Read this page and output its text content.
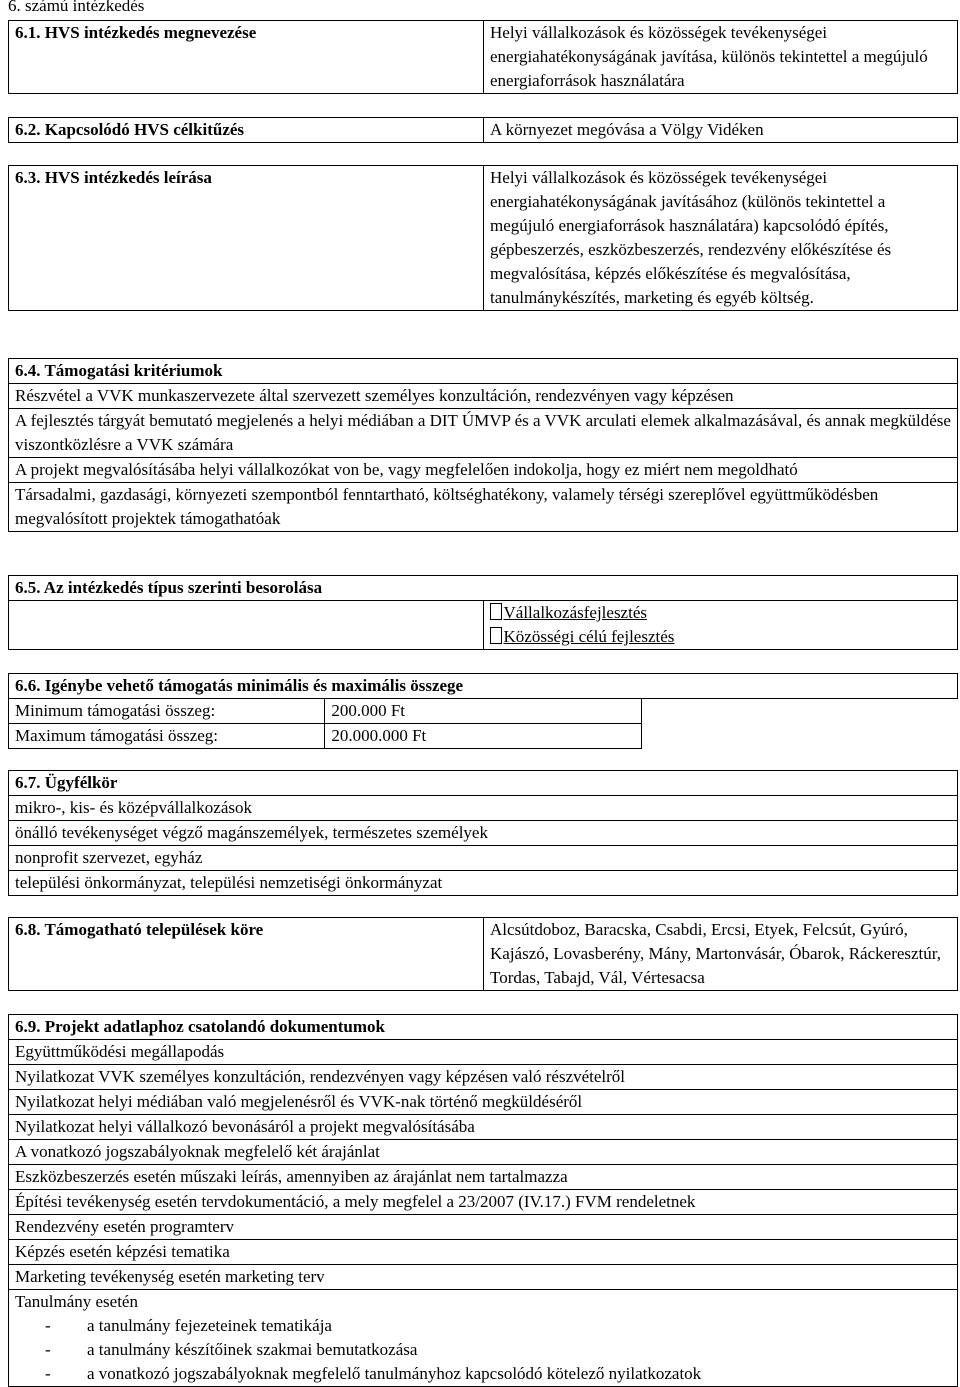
6. számú intézkedés
6.1. HVS intézkedés megnevezése	Helyi vállalkozások és közösségek tevékenységei energiahatékonyságának javítása, különös tekintettel a megújuló energiaforrások használatára
6.2. Kapcsolódó HVS célkitűzés	A környezet megóvása a Völgy Vidéken
6.3. HVS intézkedés leírása	Helyi vállalkozások és közösségek tevékenységei energiahatékonyságának javításához (különös tekintettel a megújuló energiaforrások használatára) kapcsolódó építés, gépbeszerzés, eszközbeszerzés, rendezvény előkészítése és megvalósítása, képzés előkészítése és megvalósítása, tanulmánykészítés, marketing és egyéb költség.
6.4. Támogatási kritériumok
Részvétel a VVK munkaszervezete által szervezett személyes konzultáción, rendezvényen vagy képzésen
A fejlesztés tárgyát bemutató megjelenés a helyi médiában a DIT ÚMVP és a VVK arculati elemek alkalmazásával, és annak megküldése viszontközlésre a VVK számára
A projekt megvalósításába helyi vállalkozókat von be, vagy megfelelően indokolja, hogy ez miért nem megoldható
Társadalmi, gazdasági, környezeti szempontból fenntartható, költséghatékony, valamely térségi szereplővel együttműködésben megvalósított projektek támogathatóak
6.5. Az intézkedés típus szerinti besorolása

Vállalkozásfejlesztés
Közösségi célú fejlesztés
6.6. Igénybe vehető támogatás minimális és maximális összege		
Minimum támogatási összeg:	200.000 Ft	
Maximum támogatási összeg:	20.000.000 Ft	
6.7. Ügyfélkör
mikro-, kis- és középvállalkozások
önálló tevékenységet végző magánszemélyek, természetes személyek
nonprofit szervezet, egyház
települési önkormányzat, települési nemzetiségi önkormányzat
6.8. Támogatható települések köre	Alcsútdoboz, Baracska, Csabdi, Ercsi, Etyek, Felcsút, Gyúró, Kajászó, Lovasberény, Mány, Martonvásár, Óbarok, Ráckeresztúr, Tordas, Tabajd, Vál, Vértesacsa
6.9. Projekt adatlaphoz csatolandó dokumentumok
Együttműködési megállapodás
Nyilatkozat VVK személyes konzultáción, rendezvényen vagy képzésen való részvételről
Nyilatkozat helyi médiában való megjelenésről és VVK-nak történő megküldéséről
Nyilatkozat helyi vállalkozó bevonásáról a projekt megvalósításába
A vonatkozó jogszabályoknak megfelelő két árajánlat
Eszközbeszerzés esetén műszaki leírás, amennyiben az árajánlat nem tartalmazza
Építési tevékenység esetén tervdokumentáció, a mely megfelel a 23/2007 (IV.17.) FVM rendeletnek
Rendezvény esetén programterv
Képzés esetén képzési tematika
Marketing tevékenység esetén marketing terv

Tanulmány esetén
-	a tanulmány fejezeteinek tematikája
-	a tanulmány készítőinek szakmai bemutatkozása
-	a vonatkozó jogszabályoknak megfelelő tanulmányhoz kapcsolódó kötelező nyilatkozatok
